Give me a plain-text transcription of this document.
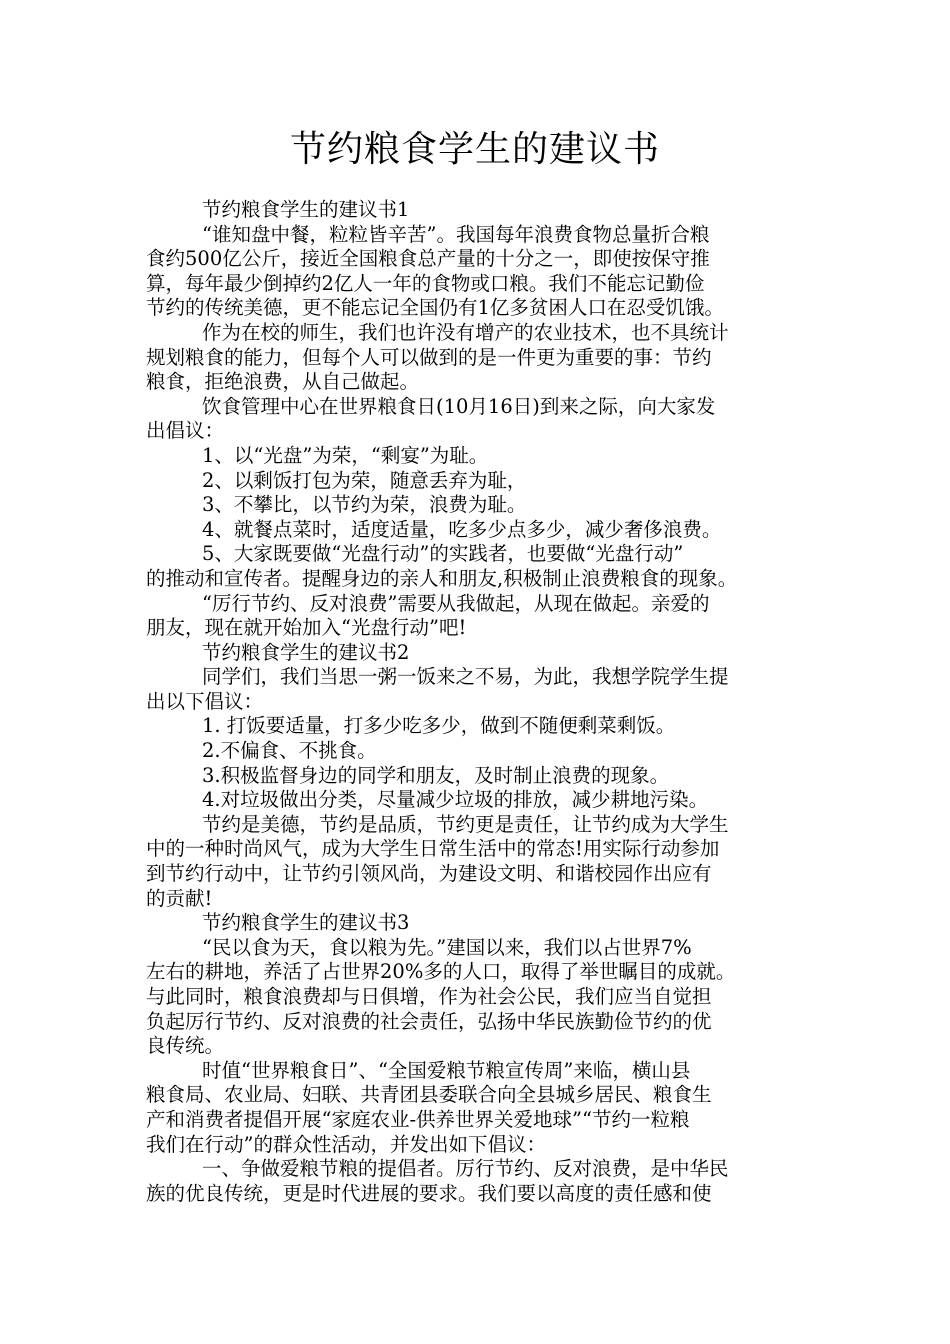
节约粮食学生的建议书
节约粮食学生的建议书1
“谁知盘中餐，粒粒皆辛苦”。我国每年浪费食物总量折合粮
食约500亿公斤，接近全国粮食总产量的十分之一，即使按保守推
算，每年最少倒掉约2亿人一年的食物或口粮。我们不能忘记勤俭
节约的传统美德，更不能忘记全国仍有1亿多贫困人口在忍受饥饿。
作为在校的师生，我们也许没有增产的农业技术，也不具统计
规划粮食的能力，但每个人可以做到的是一件更为重要的事：节约
粮食，拒绝浪费，从自己做起。
饮食管理中心在世界粮食日(10月16日)到来之际，向大家发
出倡议：
1、以“光盘”为荣，“剩宴”为耻。
2、以剩饭打包为荣，随意丢弃为耻，
3、不攀比，以节约为荣，浪费为耻。
4、就餐点菜时，适度适量，吃多少点多少，减少奢侈浪费。
5、大家既要做“光盘行动”的实践者，也要做“光盘行动”
的推动和宣传者。提醒身边的亲人和朋友,积极制止浪费粮食的现象。
“厉行节约、反对浪费”需要从我做起，从现在做起。亲爱的
朋友，现在就开始加入“光盘行动”吧!
节约粮食学生的建议书2
同学们，我们当思一粥一饭来之不易，为此，我想学院学生提
出以下倡议：
1. 打饭要适量，打多少吃多少，做到不随便剩菜剩饭。
2.不偏食、不挑食。
3.积极监督身边的同学和朋友，及时制止浪费的现象。
4.对垃圾做出分类，尽量减少垃圾的排放，减少耕地污染。
节约是美德，节约是品质，节约更是责任，让节约成为大学生
中的一种时尚风气，成为大学生日常生活中的常态!用实际行动参加
到节约行动中，让节约引领风尚，为建设文明、和谐校园作出应有
的贡献!
节约粮食学生的建议书3
“民以食为天，食以粮为先。”建国以来，我们以占世界7%
左右的耕地，养活了占世界20%多的人口，取得了举世瞩目的成就。
与此同时，粮食浪费却与日俱增，作为社会公民，我们应当自觉担
负起厉行节约、反对浪费的社会责任，弘扬中华民族勤俭节约的优
良传统。
时值“世界粮食日”、“全国爱粮节粮宣传周”来临，横山县
粮食局、农业局、妇联、共青团县委联合向全县城乡居民、粮食生
产和消费者提倡开展“家庭农业-供养世界关爱地球”“节约一粒粮
我们在行动”的群众性活动，并发出如下倡议：
一、争做爱粮节粮的提倡者。厉行节约、反对浪费，是中华民
族的优良传统，更是时代进展的要求。我们要以高度的责任感和使
